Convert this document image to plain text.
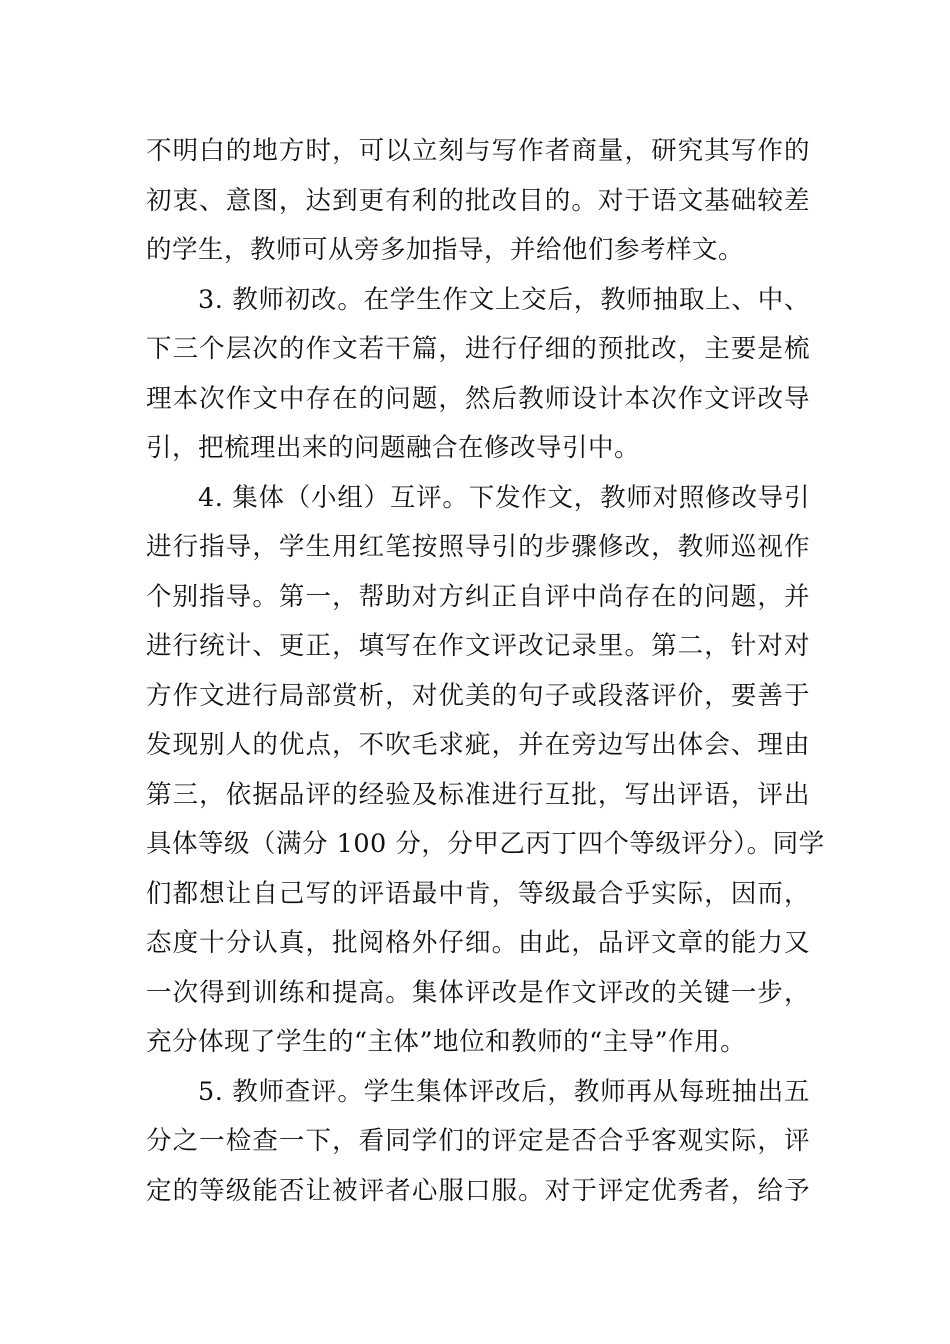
不明白的地方时，可以立刻与写作者商量，研究其写作的
初衷、意图，达到更有利的批改目的。对于语文基础较差
的学生，教师可从旁多加指导，并给他们参考样文。
3. 教师初改。在学生作文上交后，教师抽取上、中、
下三个层次的作文若干篇，进行仔细的预批改，主要是梳
理本次作文中存在的问题，然后教师设计本次作文评改导
引，把梳理出来的问题融合在修改导引中。
4. 集体（小组）互评。下发作文，教师对照修改导引
进行指导，学生用红笔按照导引的步骤修改，教师巡视作
个别指导。第一，帮助对方纠正自评中尚存在的问题，并
进行统计、更正，填写在作文评改记录里。第二，针对对
方作文进行局部赏析，对优美的句子或段落评价，要善于
发现别人的优点，不吹毛求疵，并在旁边写出体会、理由
第三，依据品评的经验及标准进行互批，写出评语，评出
具体等级（满分 100 分，分甲乙丙丁四个等级评分）。同学
们都想让自己写的评语最中肯，等级最合乎实际，因而，
态度十分认真，批阅格外仔细。由此，品评文章的能力又
一次得到训练和提高。集体评改是作文评改的关键一步，
充分体现了学生的“主体”地位和教师的“主导”作用。
5. 教师查评。学生集体评改后，教师再从每班抽出五
分之一检查一下，看同学们的评定是否合乎客观实际，评
定的等级能否让被评者心服口服。对于评定优秀者，给予
